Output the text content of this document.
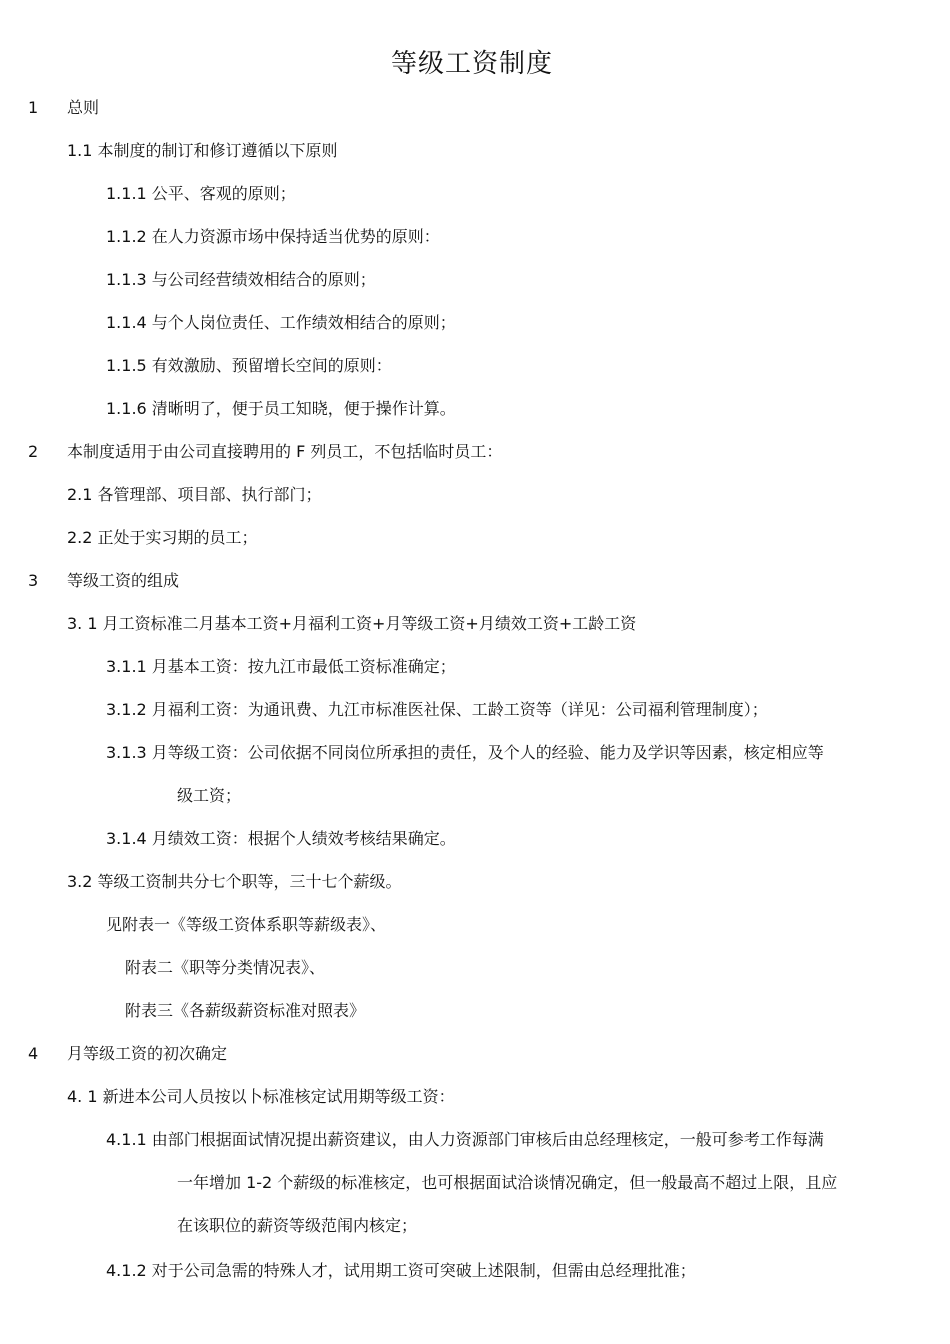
等级工资制度
1 总则
1.1 本制度的制订和修订遵循以下原则
1.1.1 公平、客观的原则；
1.1.2 在人力资源市场中保持适当优势的原则：
1.1.3 与公司经营绩效相结合的原则；
1.1.4 与个人岗位责任、工作绩效相结合的原则；
1.1.5 有效激励、预留增长空间的原则：
1.1.6 清晰明了，便于员工知晓，便于操作计算。
2 本制度适用于由公司直接聘用的 F 列员工，不包括临时员工：
2.1 各管理部、项目部、执行部门；
2.2 正处于实习期的员工；
3 等级工资的组成
3. 1 月工资标准二月基本工资+月福利工资+月等级工资+月绩效工资+工龄工资
3.1.1 月基本工资：按九江市最低工资标准确定；
3.1.2 月福利工资：为通讯费、九江市标准医社保、工龄工资等（详见：公司福利管理制度）；
3.1.3 月等级工资：公司依据不同岗位所承担的责任，及个人的经验、能力及学识等因素，核定相应等
级工资；
3.1.4 月绩效工资：根据个人绩效考核结果确定。
3.2 等级工资制共分七个职等，三十七个薪级。
见附表一《等级工资体系职等薪级表》、
附表二《职等分类情况表》、
附表三《各薪级薪资标准对照表》
4 月等级工资的初次确定
4. 1 新进本公司人员按以卜标准核定试用期等级工资：
4.1.1 由部门根据面试情况提出薪资建议，由人力资源部门审核后由总经理核定，一般可参考工作每满
一年增加 1-2 个薪级的标准核定，也可根据面试洽谈情况确定，但一般最高不超过上限，且应
在该职位的薪资等级范闱内核定；
4.1.2 对于公司急需的特殊人才，试用期工资可突破上述限制，但需由总经理批准；
